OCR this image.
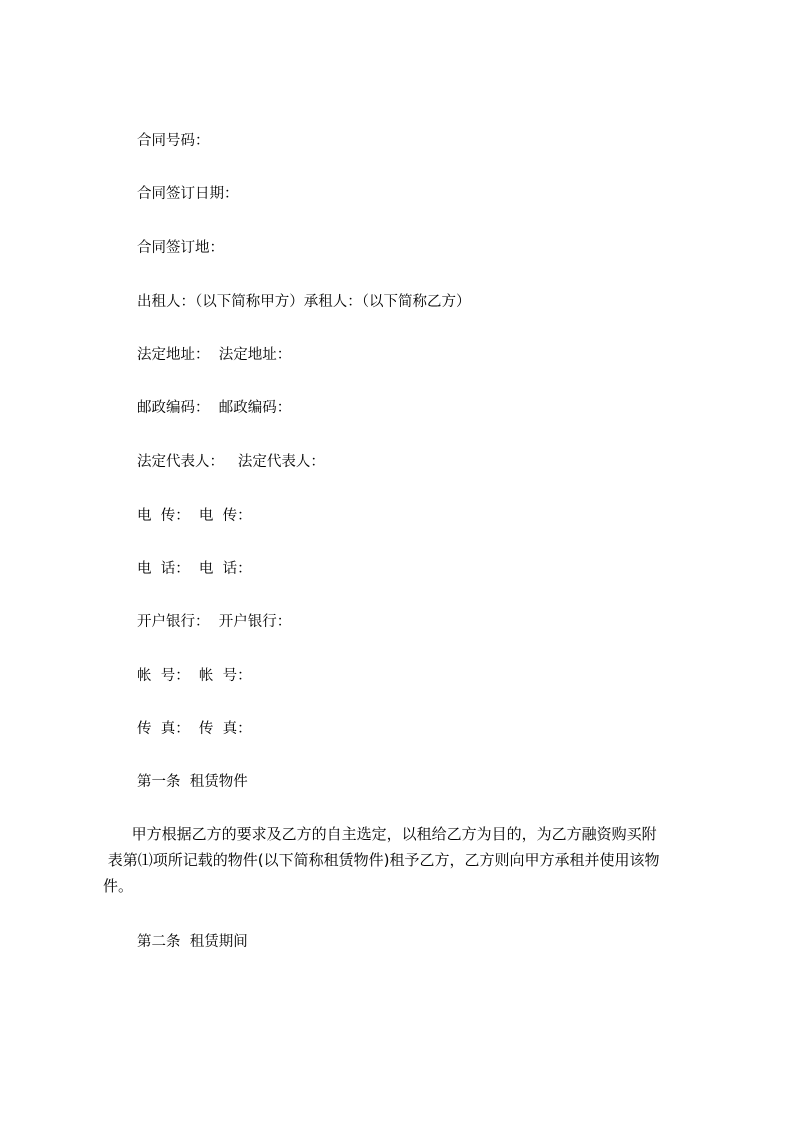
合同号码：
合同签订日期：
合同签订地：
出租人：（以下简称甲方）承租人：（以下简称乙方）
法定地址：  法定地址：
邮政编码：  邮政编码：
法定代表人：   法定代表人：
电  传：  电  传：
电  话：  电  话：
开户银行：  开户银行：
帐  号：  帐  号：
传  真：  传  真：
第一条  租赁物件
甲方根据乙方的要求及乙方的自主选定，以租给乙方为目的，为乙方融资购买附
表第⑴项所记载的物件(以下简称租赁物件)租予乙方，乙方则向甲方承租并使用该物
件。
第二条  租赁期间
